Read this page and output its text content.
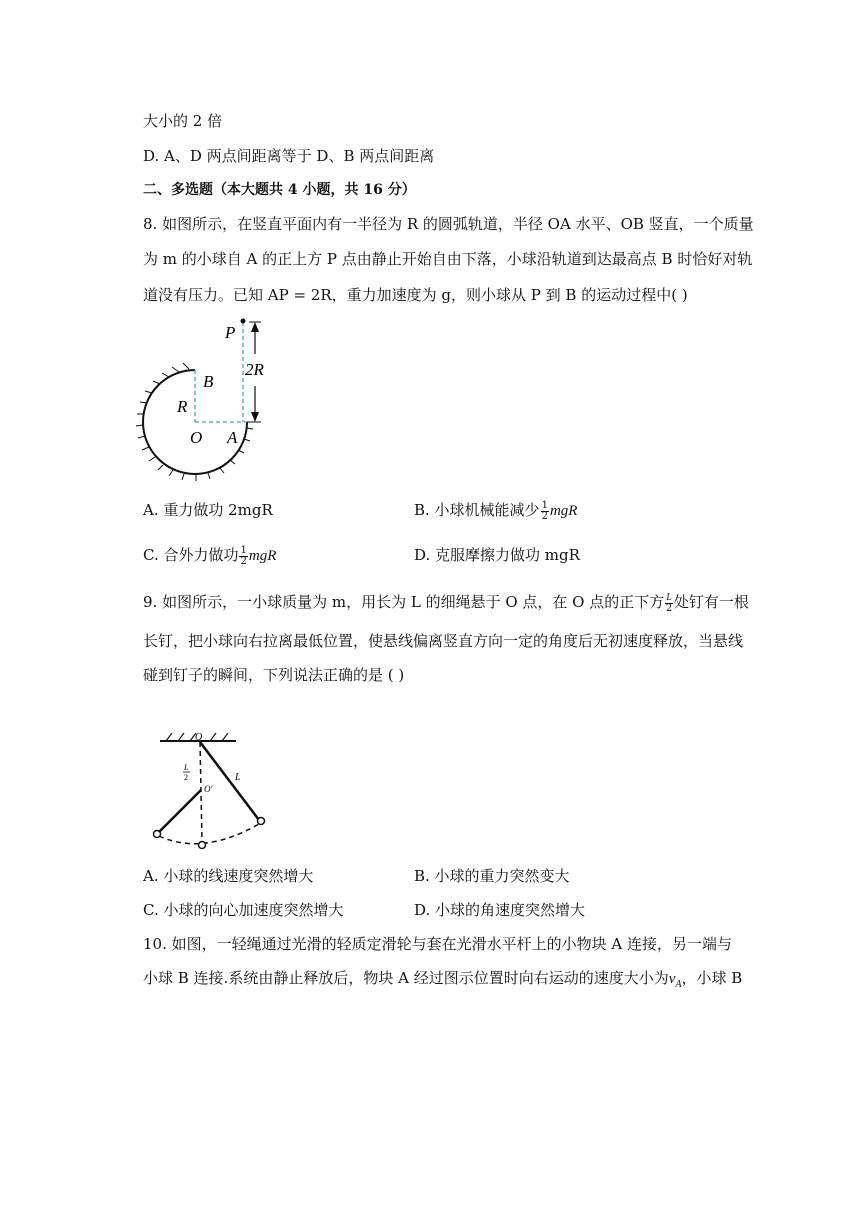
大小的 2 倍
D. A、D 两点间距离等于 D、B 两点间距离
二、多选题（本大题共 4 小题，共 16 分）
8. 如图所示，在竖直平面内有一半径为 R 的圆弧轨道，半径 OA 水平、OB 竖直，一个质量
为 m 的小球自 A 的正上方 P 点由静止开始自由下落，小球沿轨道到达最高点 B 时恰好对轨
道没有压力。已知 AP = 2R，重力加速度为 g，则小球从 P 到 B 的运动过程中( )
P
B
R
O A
2R
A. 重力做功 2mgR	B. 小球机械能减少 $\frac{1}{2}$ mgR
C. 合外力做功 $\frac{1}{2}$ mgR	D. 克服摩擦力做功 mgR
9. 如图所示，一小球质量为 m，用长为 L 的细绳悬于 O 点，在 O 点的正下方 $\frac{L}{2}$ 处钉有一根
长钉，把小球向右拉离最低位置，使悬线偏离竖直方向一定的角度后无初速度释放，当悬线
碰到钉子的瞬间，下列说法正确的是 ( )
O
O'
L
L
2
A. 小球的线速度突然增大	B. 小球的重力突然变大
C. 小球的向心加速度突然增大	D. 小球的角速度突然增大
10. 如图，一轻绳通过光滑的轻质定滑轮与套在光滑水平杆上的小物块 A 连接，另一端与
小球 B 连接.系统由静止释放后，物块 A 经过图示位置时向右运动的速度大小为$v_A$，小球 B
